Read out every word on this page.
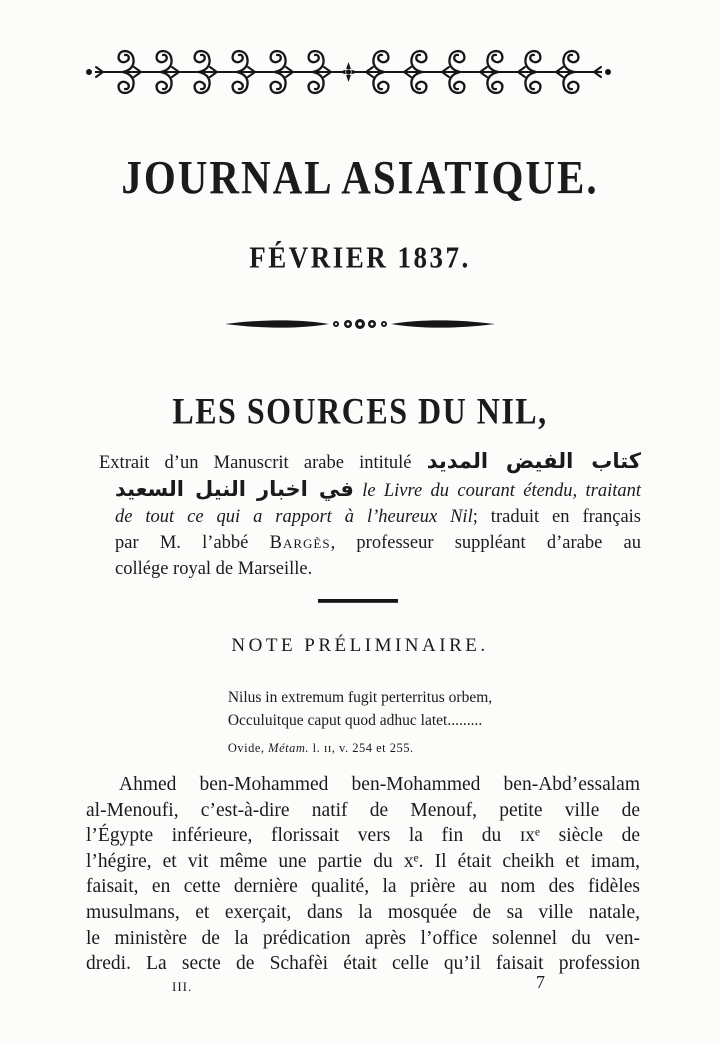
JOURNAL ASIATIQUE.
FÉVRIER 1837.
LES SOURCES DU NIL,
Extrait d’un Manuscrit arabe intitulé كتاب الفيض المديد
في اخبار النيل السعيد le Livre du courant étendu, traitant
de tout ce qui a rapport à l’heureux Nil; traduit en français
par M. l’abbé Bargès, professeur suppléant d’arabe au
collége royal de Marseille.
NOTE PRÉLIMINAIRE.
Nilus in extremum fugit perterritus orbem,
Occuluitque caput quod adhuc latet.........
Ovide, Métam. l. ɪɪ, v. 254 et 255.
Ahmed ben-Mohammed ben-Mohammed ben-Abd’essalam
al-Menoufi, c’est-à-dire natif de Menouf, petite ville de
l’Égypte inférieure, florissait vers la fin du ɪxᵉ siècle de
l’hégire, et vit même une partie du xᵉ. Il était cheikh et imam,
faisait, en cette dernière qualité, la prière au nom des fidèles
musulmans, et exerçait, dans la mosquée de sa ville natale,
le ministère de la prédication après l’office solennel du ven-
dredi. La secte de Schafèi était celle qu’il faisait profession
III.	7
